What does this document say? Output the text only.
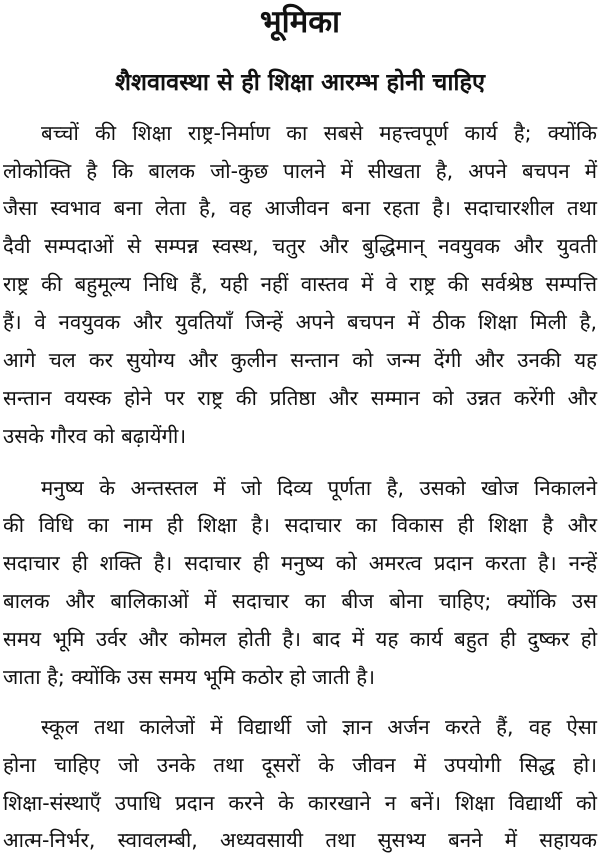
भूमिका
शैशवावस्था से ही शिक्षा आरम्भ होनी चाहिए
बच्चों की शिक्षा राष्ट्र-निर्माण का सबसे महत्त्वपूर्ण कार्य है; क्योंकि
लोकोक्ति है कि बालक जो-कुछ पालने में सीखता है, अपने बचपन में
जैसा स्वभाव बना लेता है, वह आजीवन बना रहता है। सदाचारशील तथा
दैवी सम्पदाओं से सम्पन्न स्वस्थ, चतुर और बुद्धिमान् नवयुवक और युवती
राष्ट्र की बहुमूल्य निधि हैं, यही नहीं वास्तव में वे राष्ट्र की सर्वश्रेष्ठ सम्पत्ति
हैं। वे नवयुवक और युवतियाँ जिन्हें अपने बचपन में ठीक शिक्षा मिली है,
आगे चल कर सुयोग्य और कुलीन सन्तान को जन्म देंगी और उनकी यह
सन्तान वयस्क होने पर राष्ट्र की प्रतिष्ठा और सम्मान को उन्नत करेंगी और
उसके गौरव को बढ़ायेंगी।
मनुष्य के अन्तस्तल में जो दिव्य पूर्णता है, उसको खोज निकालने
की विधि का नाम ही शिक्षा है। सदाचार का विकास ही शिक्षा है और
सदाचार ही शक्ति है। सदाचार ही मनुष्य को अमरत्व प्रदान करता है। नन्हें
बालक और बालिकाओं में सदाचार का बीज बोना चाहिए; क्योंकि उस
समय भूमि उर्वर और कोमल होती है। बाद में यह कार्य बहुत ही दुष्कर हो
जाता है; क्योंकि उस समय भूमि कठोर हो जाती है।
स्कूल तथा कालेजों में विद्यार्थी जो ज्ञान अर्जन करते हैं, वह ऐसा
होना चाहिए जो उनके तथा दूसरों के जीवन में उपयोगी सिद्ध हो।
शिक्षा-संस्थाएँ उपाधि प्रदान करने के कारखाने न बनें। शिक्षा विद्यार्थी को
आत्म-निर्भर, स्वावलम्बी, अध्यवसायी तथा सुसभ्य बनने में सहायक
